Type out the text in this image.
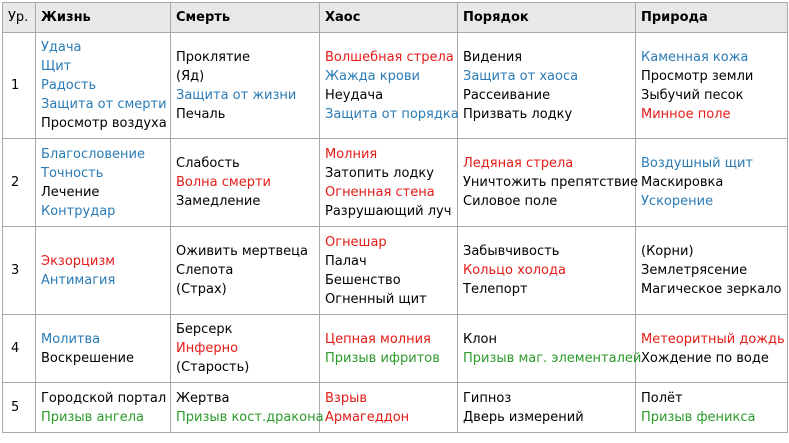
Ур.	Жизнь	Смерть	Хаос	Порядок	Природа
1	Удача
Щит
Радость
Защита от смерти
Просмотр воздуха	Проклятие
(Яд)
Защита от жизни
Печаль	Волшебная стрела
Жажда крови
Неудача
Защита от порядка	Видения
Защита от хаоса
Рассеивание
Призвать лодку	Каменная кожа
Просмотр земли
Зыбучий песок
Минное поле

2	Благословение
Точность
Лечение
Контрудар	Слабость
Волна смерти
Замедление	Молния
Затопить лодку
Огненная стена
Разрушающий луч	Ледяная стрела
Уничтожить препятствие
Силовое поле	Воздушный щит
Маскировка
Ускорение

3	Экзорцизм
Антимагия	Оживить мертвеца
Слепота
(Страх)	Огнешар
Палач
Бешенство
Огненный щит	Забывчивость
Кольцо холода
Телепорт	(Корни)
Землетрясение
Магическое зеркало

4	Молитва
Воскрешение	Берсерк
Инферно
(Старость)	Цепная молния
Призыв ифритов	Клон
Призыв маг. элементалей	Метеоритный дождь
Хождение по воде

5	Городской портал
Призыв ангела	Жертва
Призыв кост.дракона	Взрыв
Армагеддон	Гипноз
Дверь измерений	Полёт
Призыв феникса
